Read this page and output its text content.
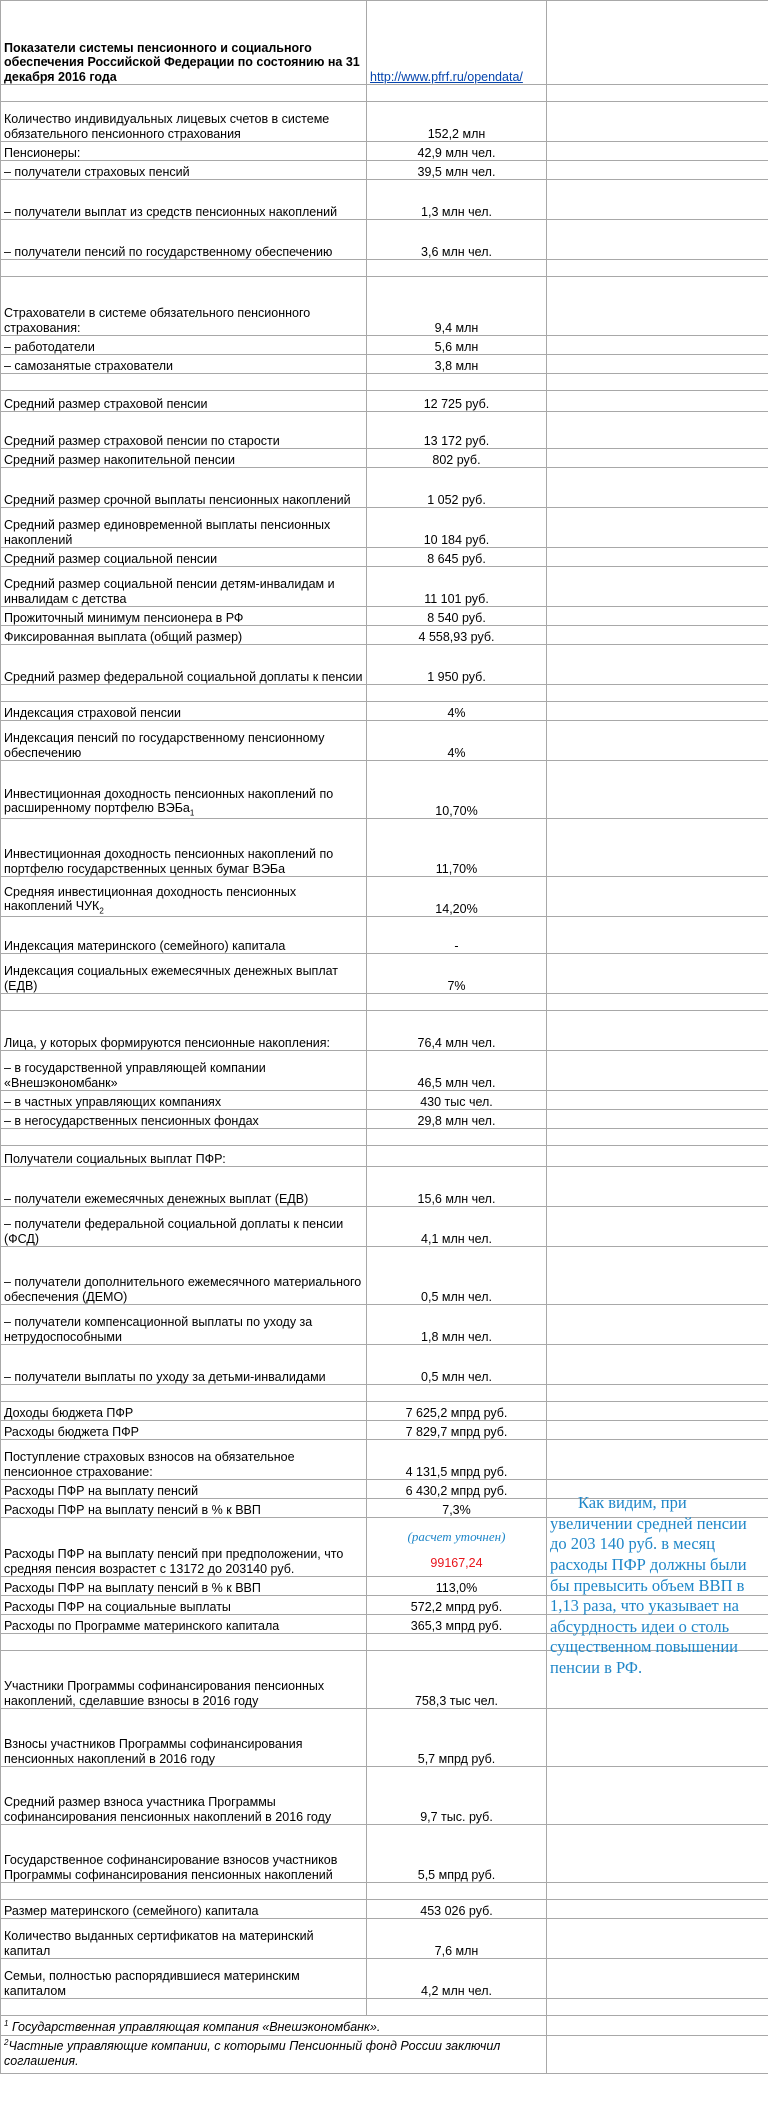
Показатели системы пенсионного и социального обеспечения Российской Федерации по состоянию на 31 декабря 2016 года	http://www.pfrf.ru/opendata/	

Количество индивидуальных лицевых счетов в системе обязательного пенсионного страхования	152,2 млн	
Пенсионеры:	42,9 млн чел.	
– получатели страховых пенсий	39,5 млн чел.	
– получатели выплат из средств пенсионных накоплений	1,3 млн чел.	
– получатели пенсий по государственному обеспечению	3,6 млн чел.	

Страхователи в системе обязательного пенсионного страхования:	9,4 млн	
– работодатели	5,6 млн	
– самозанятые страхователи	3,8 млн	

Средний размер страховой пенсии	12 725 руб.	
Средний размер страховой пенсии по старости	13 172 руб.	
Средний размер накопительной пенсии	802 руб.	
Средний размер срочной выплаты пенсионных накоплений	1 052 руб.	
Средний размер единовременной выплаты пенсионных накоплений	10 184 руб.	
Средний размер социальной пенсии	8 645 руб.	
Средний размер социальной пенсии детям-инвалидам и инвалидам с детства	11 101 руб.	
Прожиточный минимум пенсионера в РФ	8 540 руб.	
Фиксированная выплата (общий размер)	4 558,93 руб.	
Средний размер федеральной социальной доплаты к пенсии	1 950 руб.	

Индексация страховой пенсии	4%	
Индексация пенсий по государственному пенсионному обеспечению	4%	
Инвестиционная доходность пенсионных накоплений по расширенному портфелю ВЭБа$_1$	10,70%	
Инвестиционная доходность пенсионных накоплений по портфелю государственных ценных бумаг ВЭБа	11,70%	
Средняя инвестиционная доходность пенсионных накоплений $ЧУК_2$	14,20%	
Индексация материнского (семейного) капитала	-	
Индексация социальных ежемесячных денежных выплат (ЕДВ)	7%	

Лица, у которых формируются пенсионные накопления:	76,4 млн чел.	
– в государственной управляющей компании «Внешэкономбанк»	46,5 млн чел.	
– в частных управляющих компаниях	430 тыс чел.	
– в негосударственных пенсионных фондах	29,8 млн чел.	

Получатели социальных выплат ПФР:		
– получатели ежемесячных денежных выплат (ЕДВ)	15,6 млн чел.	
– получатели федеральной социальной доплаты к пенсии (ФСД)	4,1 млн чел.	
– получатели дополнительного ежемесячного материального обеспечения (ДЕМО)	0,5 млн чел.	
– получатели компенсационной выплаты по уходу за нетрудоспособными	1,8 млн чел.	
– получатели выплаты по уходу за детьми-инвалидами	0,5 млн чел.	

Доходы бюджета ПФР	7 625,2 мпрд руб.	
Расходы бюджета ПФР	7 829,7 мпрд руб.	
Поступление страховых взносов на обязательное пенсионное страхование:	4 131,5 мпрд руб.	
Расходы ПФР на выплату пенсий	6 430,2 мпрд руб.	
Расходы ПФР на выплату пенсий в % к ВВП	7,3%	
Расходы ПФР на выплату пенсий при предположении, что средняя пенсия возрастет с 13172 до 203140 руб.	(расчет уточнен)
99167,24	

Расходы ПФР на выплату пенсий в % к ВВП	113,0%	
Расходы ПФР на социальные выплаты	572,2 мпрд руб.	
Расходы по Программе материнского капитала	365,3 мпрд руб.	

Участники Программы софинансирования пенсионных накоплений, сделавшие взносы в 2016 году	758,3 тыс чел.	
Взносы участников Программы софинансирования пенсионных накоплений в 2016 году	5,7 мпрд руб.	
Средний размер взноса участника Программы софинансирования пенсионных накоплений в 2016 году	9,7 тыс. руб.	
Государственное софинансирование взносов участников Программы софинансирования пенсионных накоплений	5,5 мпрд руб.	

Размер материнского (семейного) капитала	453 026 руб.	
Количество выданных сертификатов на материнский капитал	7,6 млн	
Семьи, полностью распорядившиеся материнским капиталом	4,2 млн чел.	

$^1$ Государственная управляющая компания «Внешэкономбанк».		
$^2$Частные управляющие компании, с которыми Пенсионный фонд России заключил соглашения.		
Как видим, при увеличении средней пенсии до 203 140 руб. в месяц расходы ПФР должны были бы превысить объем ВВП в 1,13 раза, что указывает на абсурдность идеи о столь существенном повышении пенсии в РФ.
